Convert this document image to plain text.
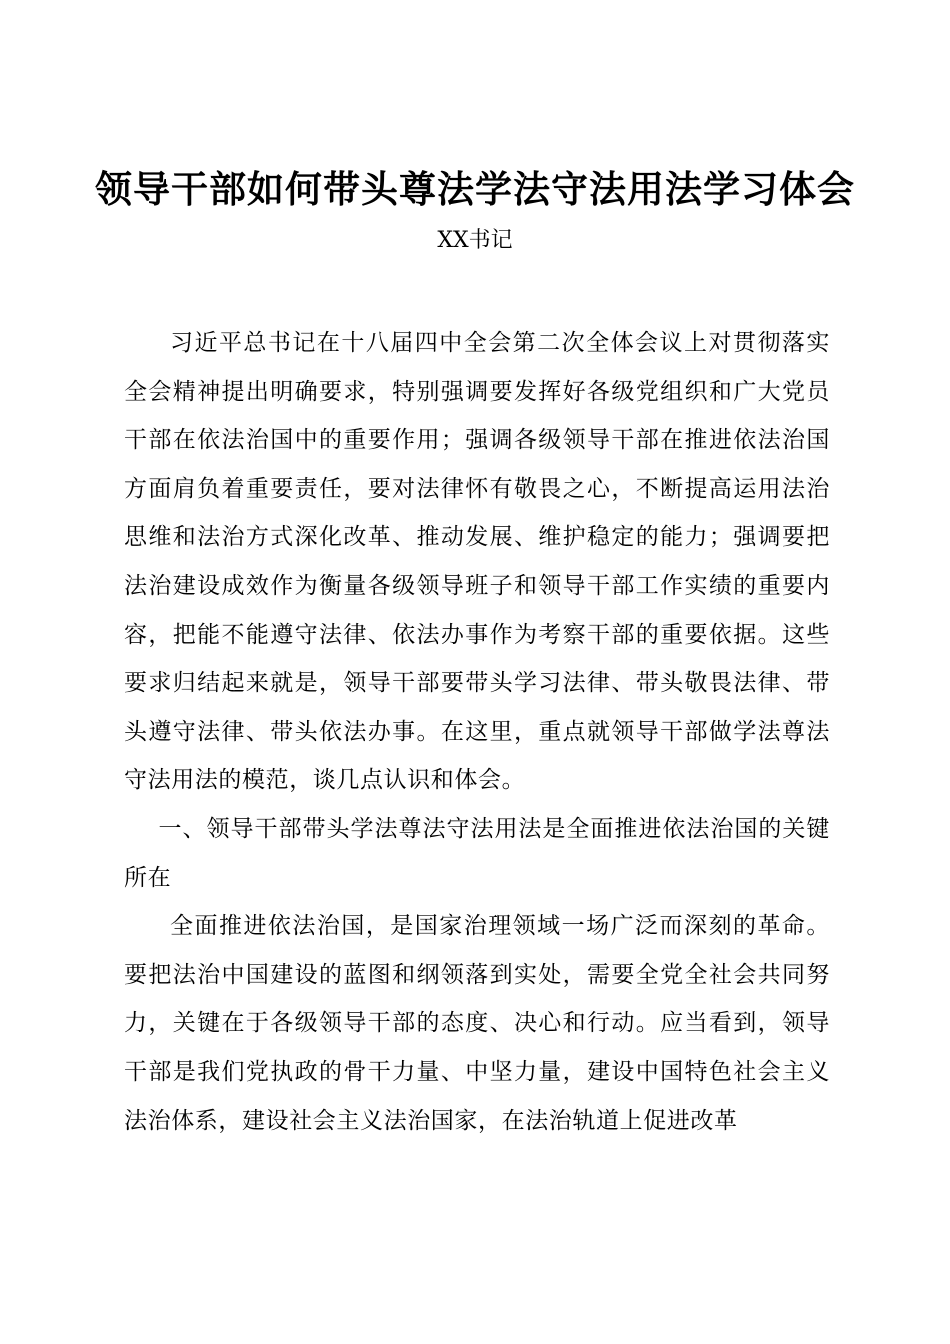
领导干部如何带头尊法学法守法用法学习体会
XX书记

习近平总书记在十八届四中全会第二次全体会议上对贯彻落实全会精神提出明确要求，特别强调要发挥好各级党组织和广大党员干部在依法治国中的重要作用；强调各级领导干部在推进依法治国方面肩负着重要责任，要对法律怀有敬畏之心，不断提高运用法治思维和法治方式深化改革、推动发展、维护稳定的能力；强调要把法治建设成效作为衡量各级领导班子和领导干部工作实绩的重要内容，把能不能遵守法律、依法办事作为考察干部的重要依据。这些要求归结起来就是，领导干部要带头学习法律、带头敬畏法律、带头遵守法律、带头依法办事。在这里，重点就领导干部做学法尊法守法用法的模范，谈几点认识和体会。

一、领导干部带头学法尊法守法用法是全面推进依法治国的关键所在

全面推进依法治国，是国家治理领域一场广泛而深刻的革命。要把法治中国建设的蓝图和纲领落到实处，需要全党全社会共同努力，关键在于各级领导干部的态度、决心和行动。应当看到，领导干部是我们党执政的骨干力量、中坚力量，建设中国特色社会主义法治体系，建设社会主义法治国家，在法治轨道上促进改革
